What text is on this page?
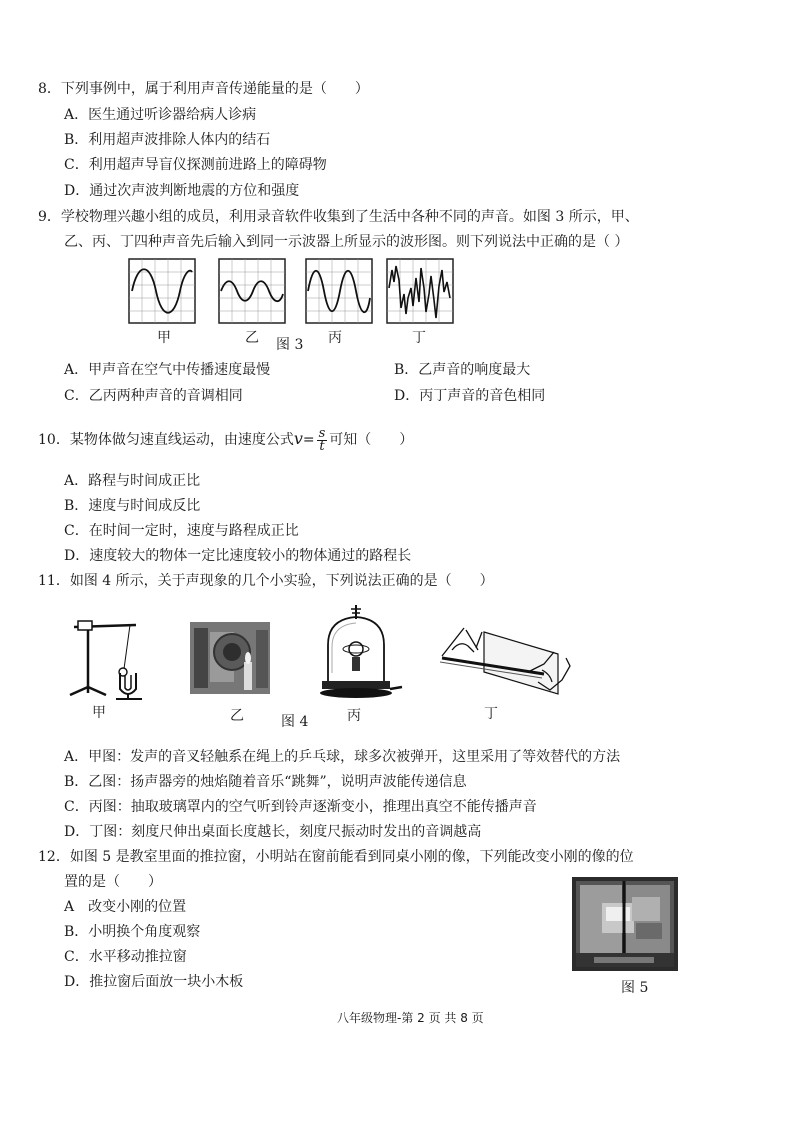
8．下列事例中，属于利用声音传递能量的是（　　）
A．医生通过听诊器给病人诊病
B．利用超声波排除人体内的结石
C．利用超声导盲仪探测前进路上的障碍物
D．通过次声波判断地震的方位和强度
9．学校物理兴趣小组的成员，利用录音软件收集到了生活中各种不同的声音。如图 3 所示，甲、
乙、丙、丁四种声音先后输入到同一示波器上所显示的波形图。则下列说法中正确的是（ ）
甲	乙 图 3 丙	丁
A．甲声音在空气中传播速度最慢	B．乙声音的响度最大
C．乙丙两种声音的音调相同	D．丙丁声音的音色相同
10．某物体做匀速直线运动，由速度公式$v= \frac{s}{t}$ 可知（　　）
A．路程与时间成正比
B．速度与时间成反比
C．在时间一定时，速度与路程成正比
D．速度较大的物体一定比速度较小的物体通过的路程长
11．如图 4 所示，关于声现象的几个小实验，下列说法正确的是（　　）
甲	乙	图 4	丙	丁
A．甲图：发声的音叉轻触系在绳上的乒乓球，球多次被弹开，这里采用了等效替代的方法
B．乙图：扬声器旁的烛焰随着音乐“跳舞”，说明声波能传递信息
C．丙图：抽取玻璃罩内的空气听到铃声逐渐变小，推理出真空不能传播声音
D．丁图：刻度尺伸出桌面长度越长，刻度尺振动时发出的音调越高
12．如图 5 是教室里面的推拉窗，小明站在窗前能看到同桌小刚的像，下列能改变小刚的像的位
置的是（　　）
A　改变小刚的位置
B．小明换个角度观察
C．水平移动推拉窗
D．推拉窗后面放一块小木板	图 5
八年级物理-第 2 页 共 8 页
